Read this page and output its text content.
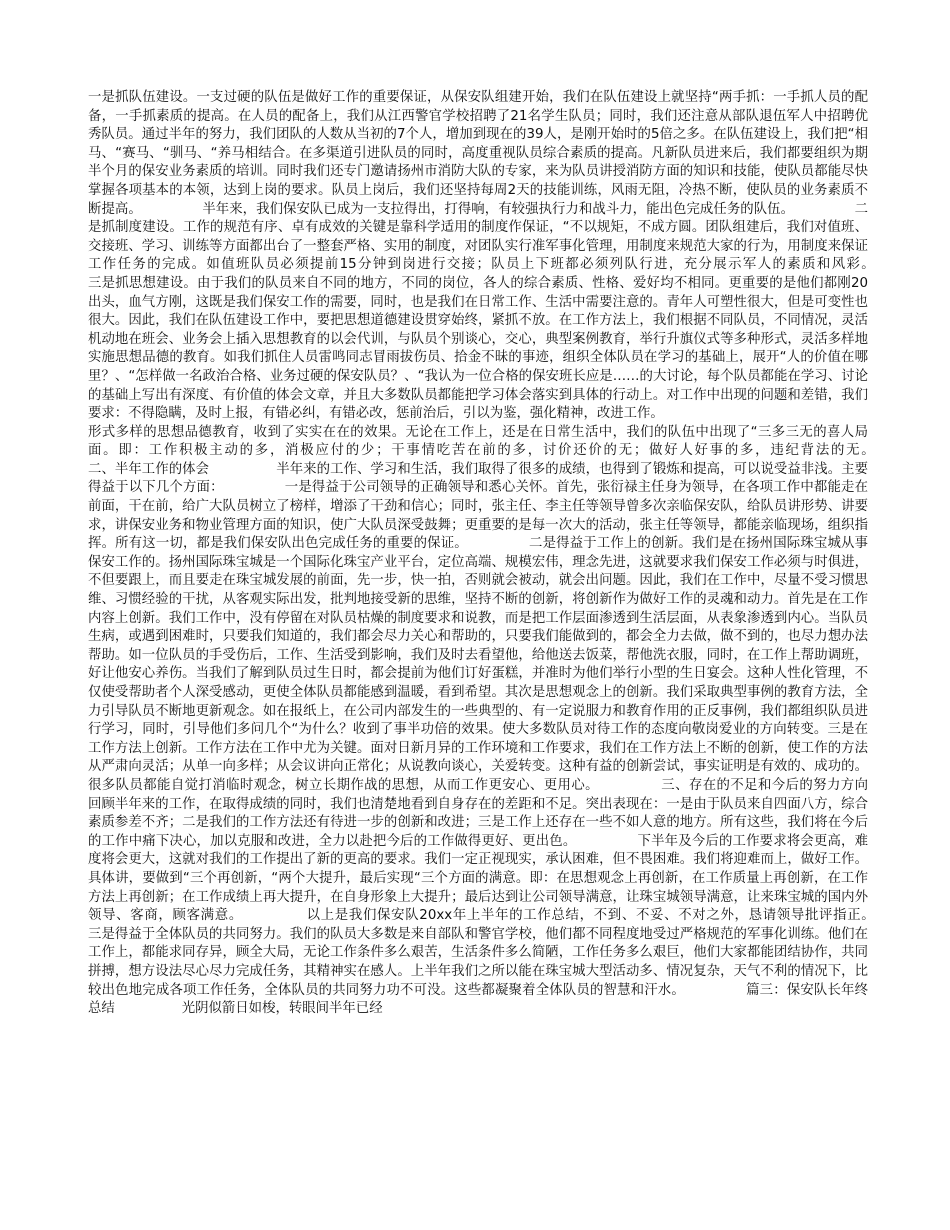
一是抓队伍建设。一支过硬的队伍是做好工作的重要保证，从保安队组建开始，我们在队伍建设上就坚持“两手抓：一手抓人员的配备，一手抓素质的提高。在人员的配备上，我们从江西警官学校招聘了21名学生队员；同时，我们还注意从部队退伍军人中招聘优秀队员。通过半年的努力，我们团队的人数从当初的7个人，增加到现在的39人，是刚开始时的5倍之多。在队伍建设上，我们把“相马、“赛马、“驯马、“养马相结合。在多渠道引进队员的同时，高度重视队员综合素质的提高。凡新队员进来后，我们都要组织为期半个月的保安业务素质的培训。同时我们还专门邀请扬州市消防大队的专家，来为队员讲授消防方面的知识和技能，使队员都能尽快掌握各项基本的本领，达到上岗的要求。队员上岗后，我们还坚持每周2天的技能训练，风雨无阻，冷热不断，使队员的业务素质不断提高。　　　　　半年来，我们保安队已成为一支拉得出，打得响，有较强执行力和战斗力，能出色完成任务的队伍。　　　　　二是抓制度建设。工作的规范有序、卓有成效的关键是靠科学适用的制度作保证，“不以规矩，不成方圆。团队组建后，我们对值班、交接班、学习、训练等方面都出台了一整套严格、实用的制度，对团队实行准军事化管理，用制度来规范大家的行为，用制度来保证工作任务的完成。如值班队员必须提前15分钟到岗进行交接；队员上下班都必须列队行进，充分展示军人的素质和风彩。　　　　　　三是抓思想建设。由于我们的队员来自不同的地方，不同的岗位，各人的综合素质、性格、爱好均不相同。更重要的是他们都刚20出头，血气方刚，这既是我们保安工作的需要，同时，也是我们在日常工作、生活中需要注意的。青年人可塑性很大，但是可变性也很大。因此，我们在队伍建设工作中，要把思想道德建设贯穿始终，紧抓不放。在工作方法上，我们根据不同队员，不同情况，灵活机动地在班会、业务会上插入思想教育的以会代训，与队员个别谈心，交心，典型案例教育，举行升旗仪式等多种形式，灵活多样地实施思想品德的教育。如我们抓住人员雷鸣同志冒雨拔伤员、拾金不昧的事迹，组织全体队员在学习的基础上，展开“人的价值在哪里？、“怎样做一名政治合格、业务过硬的保安队员？、“我认为一位合格的保安班长应是……的大讨论，每个队员都能在学习、讨论的基础上写出有深度、有价值的体会文章，并且大多数队员都能把学习体会落实到具体的行动上。对工作中出现的问题和差错，我们要求：不得隐瞒，及时上报，有错必纠，有错必改，惩前治后，引以为鉴，强化精神，改进工作。

形式多样的思想品德教育，收到了实实在在的效果。无论在工作上，还是在日常生活中，我们的队伍中出现了“三多三无的喜人局面。即：工作积极主动的多，消极应付的少；干事情吃苦在前的多，讨价还价的无；做好人好事的多，违纪背法的无。　　　　　二、半年工作的体会　　　　　半年来的工作、学习和生活，我们取得了很多的成绩，也得到了锻炼和提高，可以说受益非浅。主要得益于以下几个方面：　　　　　一是得益于公司领导的正确领导和悉心关怀。首先，张衍禄主任身为领导，在各项工作中都能走在前面，干在前，给广大队员树立了榜样，增添了干劲和信心；同时，张主任、李主任等领导曾多次亲临保安队，给队员讲形势、讲要求，讲保安业务和物业管理方面的知识，使广大队员深受鼓舞；更重要的是每一次大的活动，张主任等领导，都能亲临现场，组织指挥。所有这一切，都是我们保安队出色完成任务的重要的保证。　　　　　二是得益于工作上的创新。我们是在扬州国际珠宝城从事保安工作的。扬州国际珠宝城是一个国际化珠宝产业平台，定位高端、规模宏伟，理念先进，这就要求我们保安工作必须与时俱进，不但要跟上，而且要走在珠宝城发展的前面，先一步，快一拍，否则就会被动，就会出问题。因此，我们在工作中，尽量不受习惯思维、习惯经验的干扰，从客观实际出发，批判地接受新的思维，坚持不断的创新，将创新作为做好工作的灵魂和动力。首先是在工作内容上创新。我们工作中，没有停留在对队员枯燥的制度要求和说教，而是把工作层面渗透到生活层面，从表象渗透到内心。当队员生病，或遇到困难时，只要我们知道的，我们都会尽力关心和帮助的，只要我们能做到的，都会全力去做，做不到的，也尽力想办法帮助。如一位队员的手受伤后，工作、生活受到影响，我们及时去看望他，给他送去饭菜，帮他洗衣服，同时，在工作上帮助调班，好让他安心养伤。当我们了解到队员过生日时，都会提前为他们订好蛋糕，并准时为他们举行小型的生日宴会。这种人性化管理，不仅使受帮助者个人深受感动，更使全体队员都能感到温暖，看到希望。其次是思想观念上的创新。我们采取典型事例的教育方法，全力引导队员不断地更新观念。如在报纸上，在公司内部发生的一些典型的、有一定说服力和教育作用的正反事例，我们都组织队员进行学习，同时，引导他们多问几个“为什么？收到了事半功倍的效果。使大多数队员对待工作的态度向敬岗爱业的方向转变。三是在工作方法上创新。工作方法在工作中尤为关键。面对日新月异的工作环境和工作要求，我们在工作方法上不断的创新，使工作的方法从严肃向灵活；从单一向多样；从会议讲向正常化；从说教向谈心，关爱转变。这种有益的创新尝试，事实证明是有效的、成功的。很多队员都能自觉打消临时观念，树立长期作战的思想，从而工作更安心、更用心。　　　　　三、存在的不足和今后的努力方向　　　　　回顾半年来的工作，在取得成绩的同时，我们也清楚地看到自身存在的差距和不足。突出表现在：一是由于队员来自四面八方，综合素质参差不齐；二是我们的工作方法还有待进一步的创新和改进；三是工作上还存在一些不如人意的地方。所有这些，我们将在今后的工作中痛下决心，加以克服和改进，全力以赴把今后的工作做得更好、更出色。　　　　　下半年及今后的工作要求将会更高，难度将会更大，这就对我们的工作提出了新的更高的要求。我们一定正视现实，承认困难，但不畏困难。我们将迎难而上，做好工作。具体讲，要做到“三个再创新，“两个大提升，最后实现“三个方面的满意。即：在思想观念上再创新，在工作质量上再创新，在工作方法上再创新；在工作成绩上再大提升，在自身形象上大提升；最后达到让公司领导满意，让珠宝城领导满意，让来珠宝城的国内外领导、客商，顾客满意。　　　　　以上是我们保安队20xx年上半年的工作总结，不到、不妥、不对之外，恳请领导批评指正。　　　　　三是得益于全体队员的共同努力。我们的队员大多数是来自部队和警官学校，他们都不同程度地受过严格规范的军事化训练。他们在工作上，都能求同存异，顾全大局，无论工作条件多么艰苦，生活条件多么简陋，工作任务多么艰巨，他们大家都能团结协作，共同拼搏，想方设法尽心尽力完成任务，其精神实在感人。上半年我们之所以能在珠宝城大型活动多、情况复杂，天气不利的情况下，比较出色地完成各项工作任务，全体队员的共同努力功不可没。这些都凝聚着全体队员的智慧和汗水。　　　　　篇三：保安队长年终总结　　　　　光阴似箭日如梭，转眼间半年已经
